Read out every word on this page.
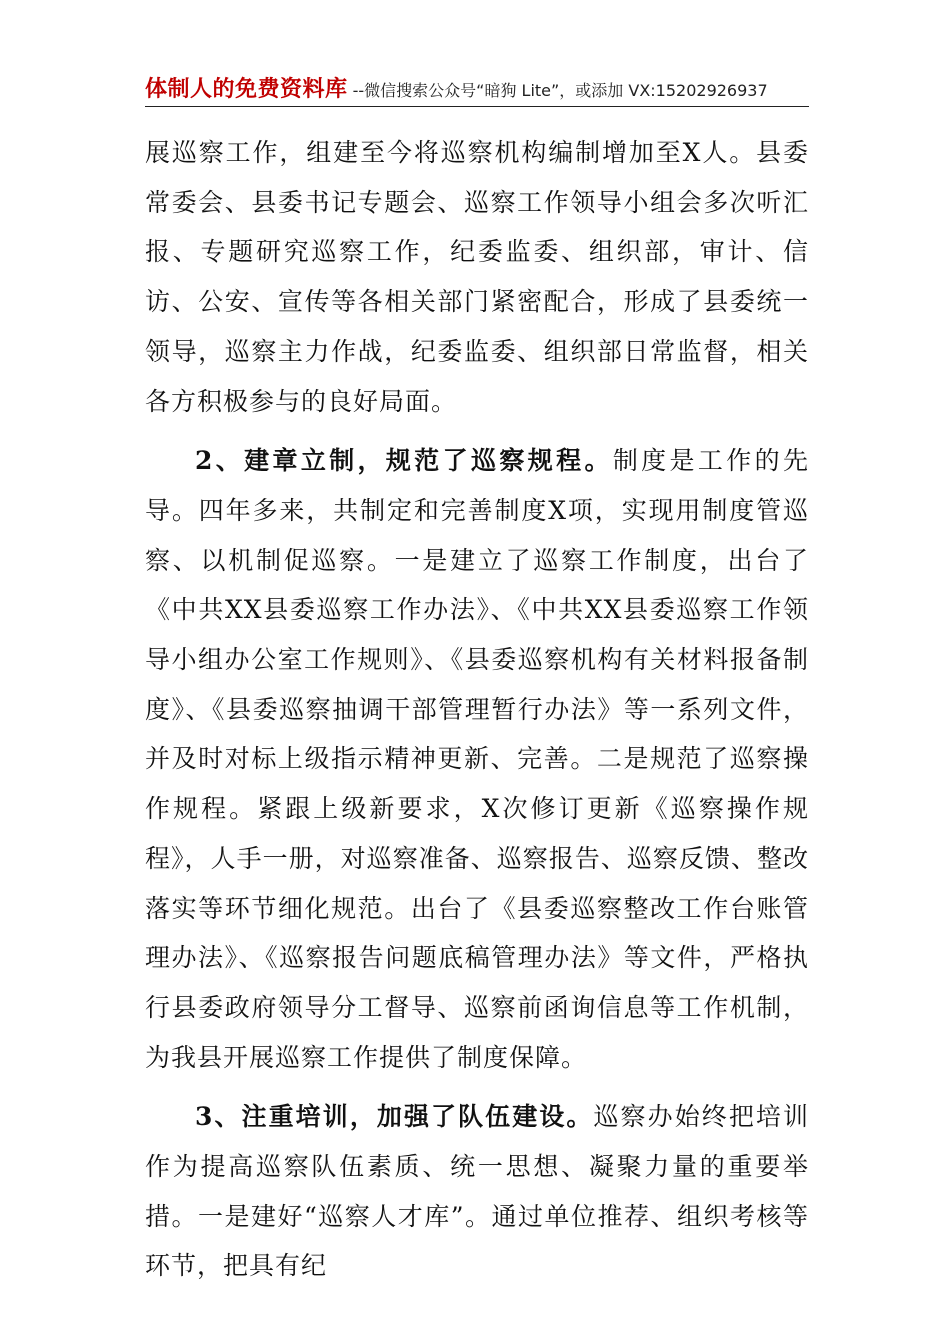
体制人的免费资料库 --微信搜索公众号“暗狗 Lite”，或添加 VX:15202926937

展巡察工作，组建至今将巡察机构编制增加至X人。县委常委会、县委书记专题会、巡察工作领导小组会多次听汇报、专题研究巡察工作，纪委监委、组织部，审计、信访、公安、宣传等各相关部门紧密配合，形成了县委统一领导，巡察主力作战，纪委监委、组织部日常监督，相关各方积极参与的良好局面。

2、建章立制，规范了巡察规程。制度是工作的先导。四年多来，共制定和完善制度X项，实现用制度管巡察、以机制促巡察。一是建立了巡察工作制度，出台了《中共XX县委巡察工作办法》、《中共XX县委巡察工作领导小组办公室工作规则》、《县委巡察机构有关材料报备制度》、《县委巡察抽调干部管理暂行办法》等一系列文件，并及时对标上级指示精神更新、完善。二是规范了巡察操作规程。紧跟上级新要求，X次修订更新《巡察操作规程》，人手一册，对巡察准备、巡察报告、巡察反馈、整改落实等环节细化规范。出台了《县委巡察整改工作台账管理办法》、《巡察报告问题底稿管理办法》等文件，严格执行县委政府领导分工督导、巡察前函询信息等工作机制，为我县开展巡察工作提供了制度保障。

3、注重培训，加强了队伍建设。巡察办始终把培训作为提高巡察队伍素质、统一思想、凝聚力量的重要举措。一是建好“巡察人才库”。通过单位推荐、组织考核等环节，把具有纪
